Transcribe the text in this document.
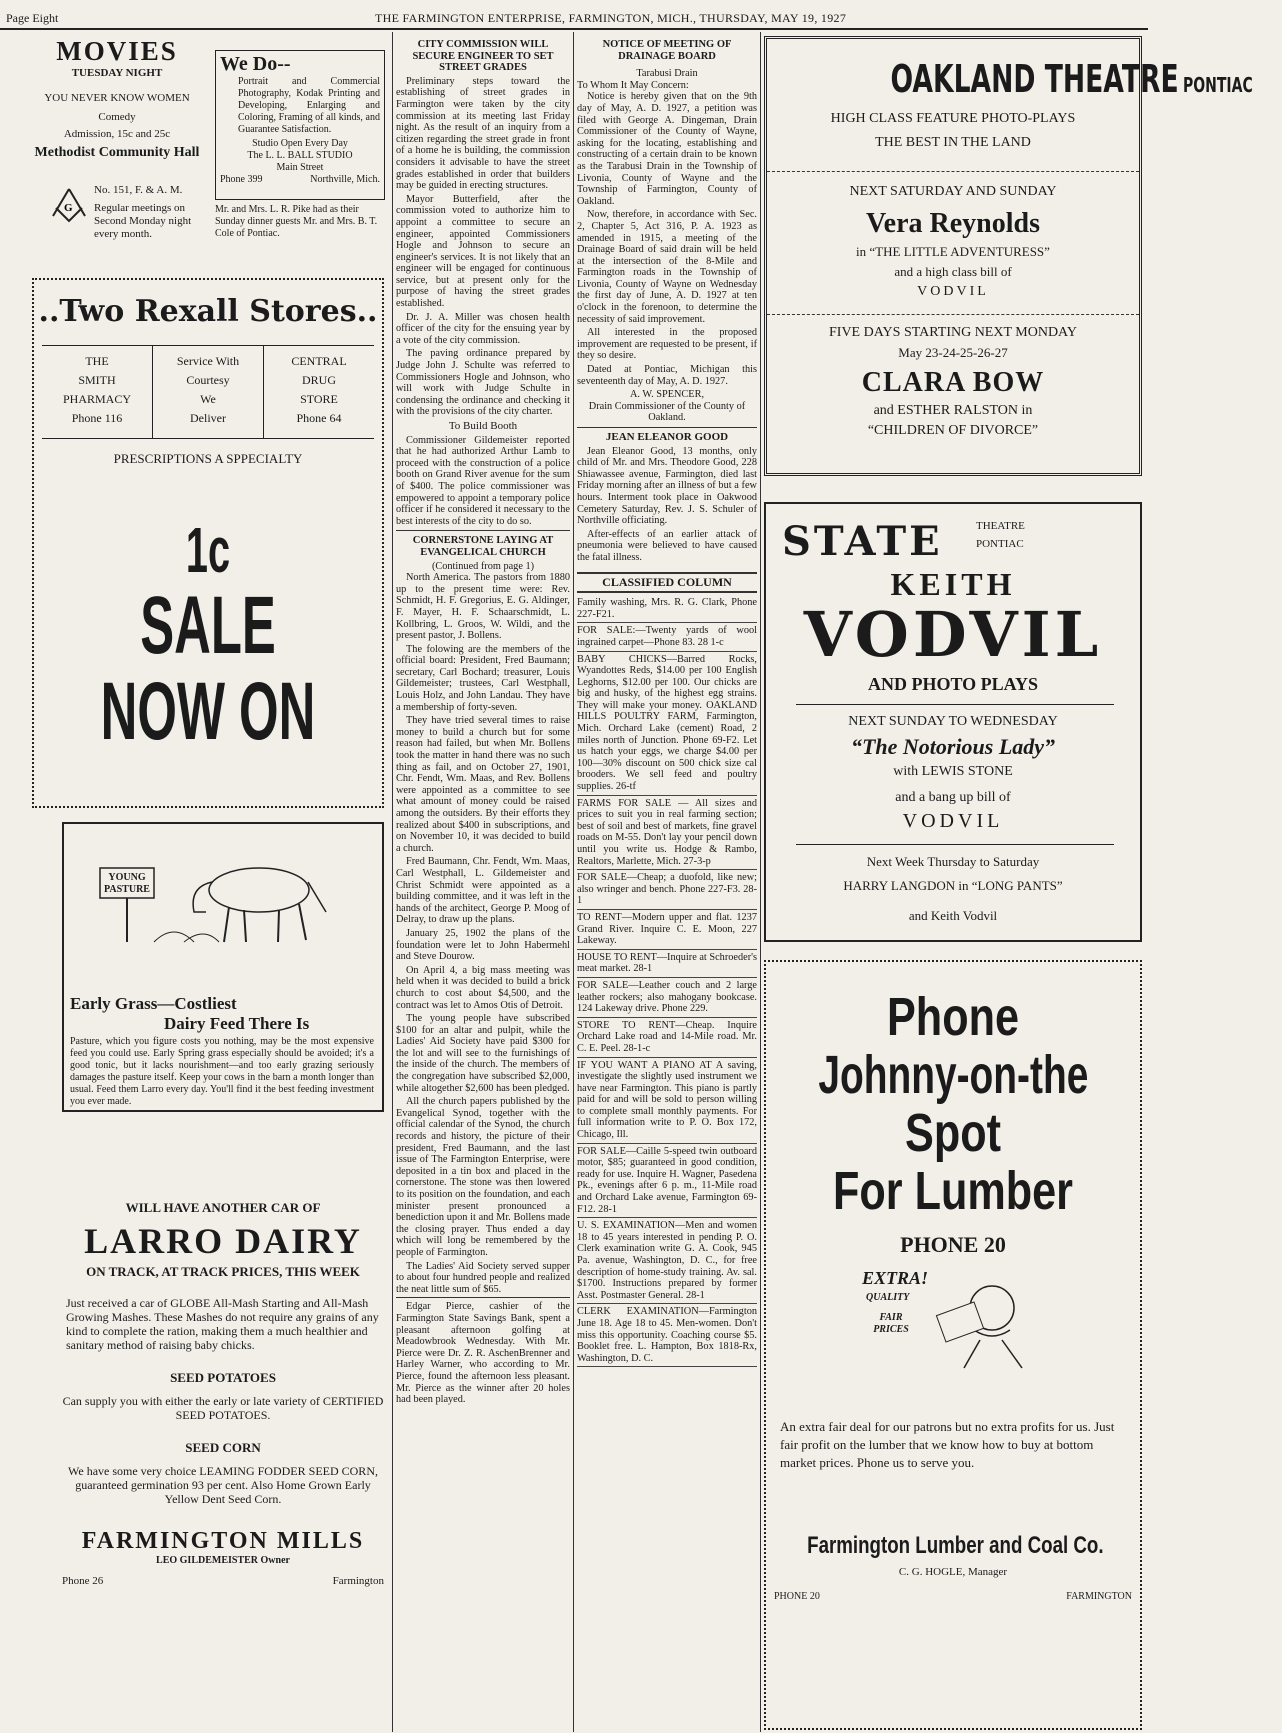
Page Eight	THE FARMINGTON ENTERPRISE, FARMINGTON, MICH., THURSDAY, MAY 19, 1927
MOVIES
TUESDAY NIGHT
YOU NEVER KNOW WOMEN
Comedy
Admission, 15c and 25c
Methodist Community Hall
G
No. 151, F. & A. M.
Regular meetings on Second Monday night every month.
We Do--
Portrait and Commercial Photography, Kodak Printing and Developing, Enlarging and Coloring, Framing of all kinds, and Guarantee Satisfaction.
Studio Open Every Day
The L. L. BALL STUDIO
Main Street
Phone 399	Northville, Mich.
Mr. and Mrs. L. R. Pike had as their Sunday dinner guests Mr. and Mrs. B. T. Cole of Pontiac.
..Two Rexall Stores..
THE
SMITH
PHARMACY
Phone 116
Service With
Courtesy
We
Deliver
CENTRAL
DRUG
STORE
Phone 64
PRESCRIPTIONS A SPPECIALTY
1c
SALE
NOW ON
YOUNG PASTURE
Early Grass—Costliest
Dairy Feed There Is
Pasture, which you figure costs you nothing, may be the most expensive feed you could use. Early Spring grass especially should be avoided; it's a good tonic, but it lacks nourishment—and too early grazing seriously damages the pasture itself. Keep your cows in the barn a month longer than usual. Feed them Larro every day. You'll find it the best feeding investment you ever made.
WILL HAVE ANOTHER CAR OF
LARRO DAIRY
ON TRACK, AT TRACK PRICES, THIS WEEK
Just received a car of GLOBE All-Mash Starting and All-Mash Growing Mashes. These Mashes do not require any grains of any kind to complete the ration, making them a much healthier and sanitary method of raising baby chicks.
SEED POTATOES
Can supply you with either the early or late variety of CERTIFIED SEED POTATOES.
SEED CORN
We have some very choice LEAMING FODDER SEED CORN, guaranteed germination 93 per cent. Also Home Grown Early Yellow Dent Seed Corn.
FARMINGTON MILLS
LEO GILDEMEISTER Owner
Phone 26	Farmington
CITY COMMISSION WILL SECURE ENGINEER TO SET STREET GRADES

Preliminary steps toward the establishing of street grades in Farmington were taken by the city commission at its meeting last Friday night. As the result of an inquiry from a citizen regarding the street grade in front of a home he is building, the commission considers it advisable to have the street grades established in order that builders may be guided in erecting structures.

Mayor Butterfield, after the commission voted to authorize him to appoint a committee to secure an engineer, appointed Commissioners Hogle and Johnson to secure an engineer's services. It is not likely that an engineer will be engaged for continuous service, but at present only for the purpose of having the street grades established.

Dr. J. A. Miller was chosen health officer of the city for the ensuing year by a vote of the city commission.

The paving ordinance prepared by Judge John J. Schulte was referred to Commissioners Hogle and Johnson, who will work with Judge Schulte in condensing the ordinance and checking it with the provisions of the city charter.

To Build Booth

Commissioner Gildemeister reported that he had authorized Arthur Lamb to proceed with the construction of a police booth on Grand River avenue for the sum of $400. The police commissioner was empowered to appoint a temporary police officer if he considered it necessary to the best interests of the city to do so.

CORNERSTONE LAYING AT EVANGELICAL CHURCH
(Continued from page 1)

North America. The pastors from 1880 up to the present time were: Rev. Schmidt, H. F. Gregorius, E. G. Aldinger, F. Mayer, H. F. Schaarschmidt, L. Kollbring, L. Groos, W. Wildi, and the present pastor, J. Bollens.

The folowing are the members of the official board: President, Fred Baumann; secretary, Carl Bochard; treasurer, Louis Gildemeister; trustees, Carl Westphall, Louis Holz, and John Landau. They have a membership of forty-seven.

They have tried several times to raise money to build a church but for some reason had failed, but when Mr. Bollens took the matter in hand there was no such thing as fail, and on October 27, 1901, Chr. Fendt, Wm. Maas, and Rev. Bollens were appointed as a committee to see what amount of money could be raised among the outsiders. By their efforts they realized about $400 in subscriptions, and on November 10, it was decided to build a church.

Fred Baumann, Chr. Fendt, Wm. Maas, Carl Westphall, L. Gildemeister and Christ Schmidt were appointed as a building committee, and it was left in the hands of the architect, George P. Moog of Delray, to draw up the plans.

January 25, 1902 the plans of the foundation were let to John Habermehl and Steve Dourow.

On April 4, a big mass meeting was held when it was decided to build a brick church to cost about $4,500, and the contract was let to Amos Otis of Detroit.

The young people have subscribed $100 for an altar and pulpit, while the Ladies' Aid Society have paid $300 for the lot and will see to the furnishings of the inside of the church. The members of the congregation have subscribed $2,000, while altogether $2,600 has been pledged.

All the church papers published by the Evangelical Synod, together with the official calendar of the Synod, the church records and history, the picture of their president, Fred Baumann, and the last issue of The Farmington Enterprise, were deposited in a tin box and placed in the cornerstone. The stone was then lowered to its position on the foundation, and each minister present pronounced a benediction upon it and Mr. Bollens made the closing prayer. Thus ended a day which will long be remembered by the people of Farmington.

The Ladies' Aid Society served supper to about four hundred people and realized the neat little sum of $65.

Edgar Pierce, cashier of the Farmington State Savings Bank, spent a pleasant afternoon golfing at Meadowbrook Wednesday. With Mr. Pierce were Dr. Z. R. AschenBrenner and Harley Warner, who according to Mr. Pierce, found the afternoon less pleasant. Mr. Pierce as the winner after 20 holes had been played.

NOTICE OF MEETING OF DRAINAGE BOARD
Tarabusi Drain
To Whom It May Concern:

Notice is hereby given that on the 9th day of May, A. D. 1927, a petition was filed with George A. Dingeman, Drain Commissioner of the County of Wayne, asking for the locating, establishing and constructing of a certain drain to be known as the Tarabusi Drain in the Township of Livonia, County of Wayne and the Township of Farmington, County of Oakland.

Now, therefore, in accordance with Sec. 2, Chapter 5, Act 316, P. A. 1923 as amended in 1915, a meeting of the Drainage Board of said drain will be held at the intersection of the 8-Mile and Farmington roads in the Township of Livonia, County of Wayne on Wednesday the first day of June, A. D. 1927 at ten o'clock in the forenoon, to determine the necessity of said improvement.

All interested in the proposed improvement are requested to be present, if they so desire.

Dated at Pontiac, Michigan this seventeenth day of May, A. D. 1927.

A. W. SPENCER,
Drain Commissioner of the County of Oakland.
JEAN ELEANOR GOOD

Jean Eleanor Good, 13 months, only child of Mr. and Mrs. Theodore Good, 228 Shiawassee avenue, Farmington, died last Friday morning after an illness of but a few hours. Interment took place in Oakwood Cemetery Saturday, Rev. J. S. Schuler of Northville officiating.

After-effects of an earlier attack of pneumonia were believed to have caused the fatal illness.

CLASSIFIED COLUMN
Family washing, Mrs. R. G. Clark, Phone 227-F21.
FOR SALE:—Twenty yards of wool ingrained carpet—Phone 83. 28 1-c
BABY CHICKS—Barred Rocks, Wyandottes Reds, $14.00 per 100 English Leghorns, $12.00 per 100. Our chicks are big and husky, of the highest egg strains. They will make your money. OAKLAND HILLS POULTRY FARM, Farmington, Mich. Orchard Lake (cement) Road, 2 miles north of Junction. Phone 69-F2. Let us hatch your eggs, we charge $4.00 per 100—30% discount on 500 chick size cal brooders. We sell feed and poultry supplies. 26-tf
FARMS FOR SALE — All sizes and prices to suit you in real farming section; best of soil and best of markets, fine gravel roads on M-55. Don't lay your pencil down until you write us. Hodge & Rambo, Realtors, Marlette, Mich. 27-3-p
FOR SALE—Cheap; a duofold, like new; also wringer and bench. Phone 227-F3. 28-1
TO RENT—Modern upper and flat. 1237 Grand River. Inquire C. E. Moon, 227 Lakeway.
HOUSE TO RENT—Inquire at Schroeder's meat market. 28-1
FOR SALE—Leather couch and 2 large leather rockers; also mahogany bookcase. 124 Lakeway drive. Phone 229.
STORE TO RENT—Cheap. Inquire Orchard Lake road and 14-Mile road. Mr. C. E. Peel. 28-1-c
IF YOU WANT A PIANO AT A saving, investigate the slightly used instrument we have near Farmington. This piano is partly paid for and will be sold to person willing to complete small monthly payments. For full information write to P. O. Box 172, Chicago, Ill.
FOR SALE—Caille 5-speed twin outboard motor, $85; guaranteed in good condition, ready for use. Inquire H. Wagner, Pasedena Pk., evenings after 6 p. m., 11-Mile road and Orchard Lake avenue, Farmington 69-F12. 28-1
U. S. EXAMINATION—Men and women 18 to 45 years interested in pending P. O. Clerk examination write G. A. Cook, 945 Pa. avenue, Washington, D. C., for free description of home-study training. Av. sal. $1700. Instructions prepared by former Asst. Postmaster General. 28-1
CLERK EXAMINATION—Farmington June 18. Age 18 to 45. Men-women. Don't miss this opportunity. Coaching course $5. Booklet free. L. Hampton, Box 1818-Rx, Washington, D. C.
OAKLAND THEATRE PONTIAC
HIGH CLASS FEATURE PHOTO-PLAYS
THE BEST IN THE LAND
NEXT SATURDAY AND SUNDAY
Vera Reynolds
in “THE LITTLE ADVENTURESS”
and a high class bill of
VODVIL
FIVE DAYS STARTING NEXT MONDAY
May 23-24-25-26-27
CLARA BOW
and ESTHER RALSTON in
“CHILDREN OF DIVORCE”
STATE	THEATRE
PONTIAC
KEITH
VODVIL
AND PHOTO PLAYS
NEXT SUNDAY TO WEDNESDAY
“The Notorious Lady”
with LEWIS STONE
and a bang up bill of
VODVIL
Next Week Thursday to Saturday
HARRY LANGDON in “LONG PANTS”
and Keith Vodvil
Phone
Johnny-on-the
Spot
For Lumber
PHONE 20
EXTRA!
QUALITY
FAIR PRICES
An extra fair deal for our patrons but no extra profits for us. Just fair profit on the lumber that we know how to buy at bottom market prices. Phone us to serve you.
Farmington Lumber and Coal Co.
C. G. HOGLE, Manager
PHONE 20	FARMINGTON
